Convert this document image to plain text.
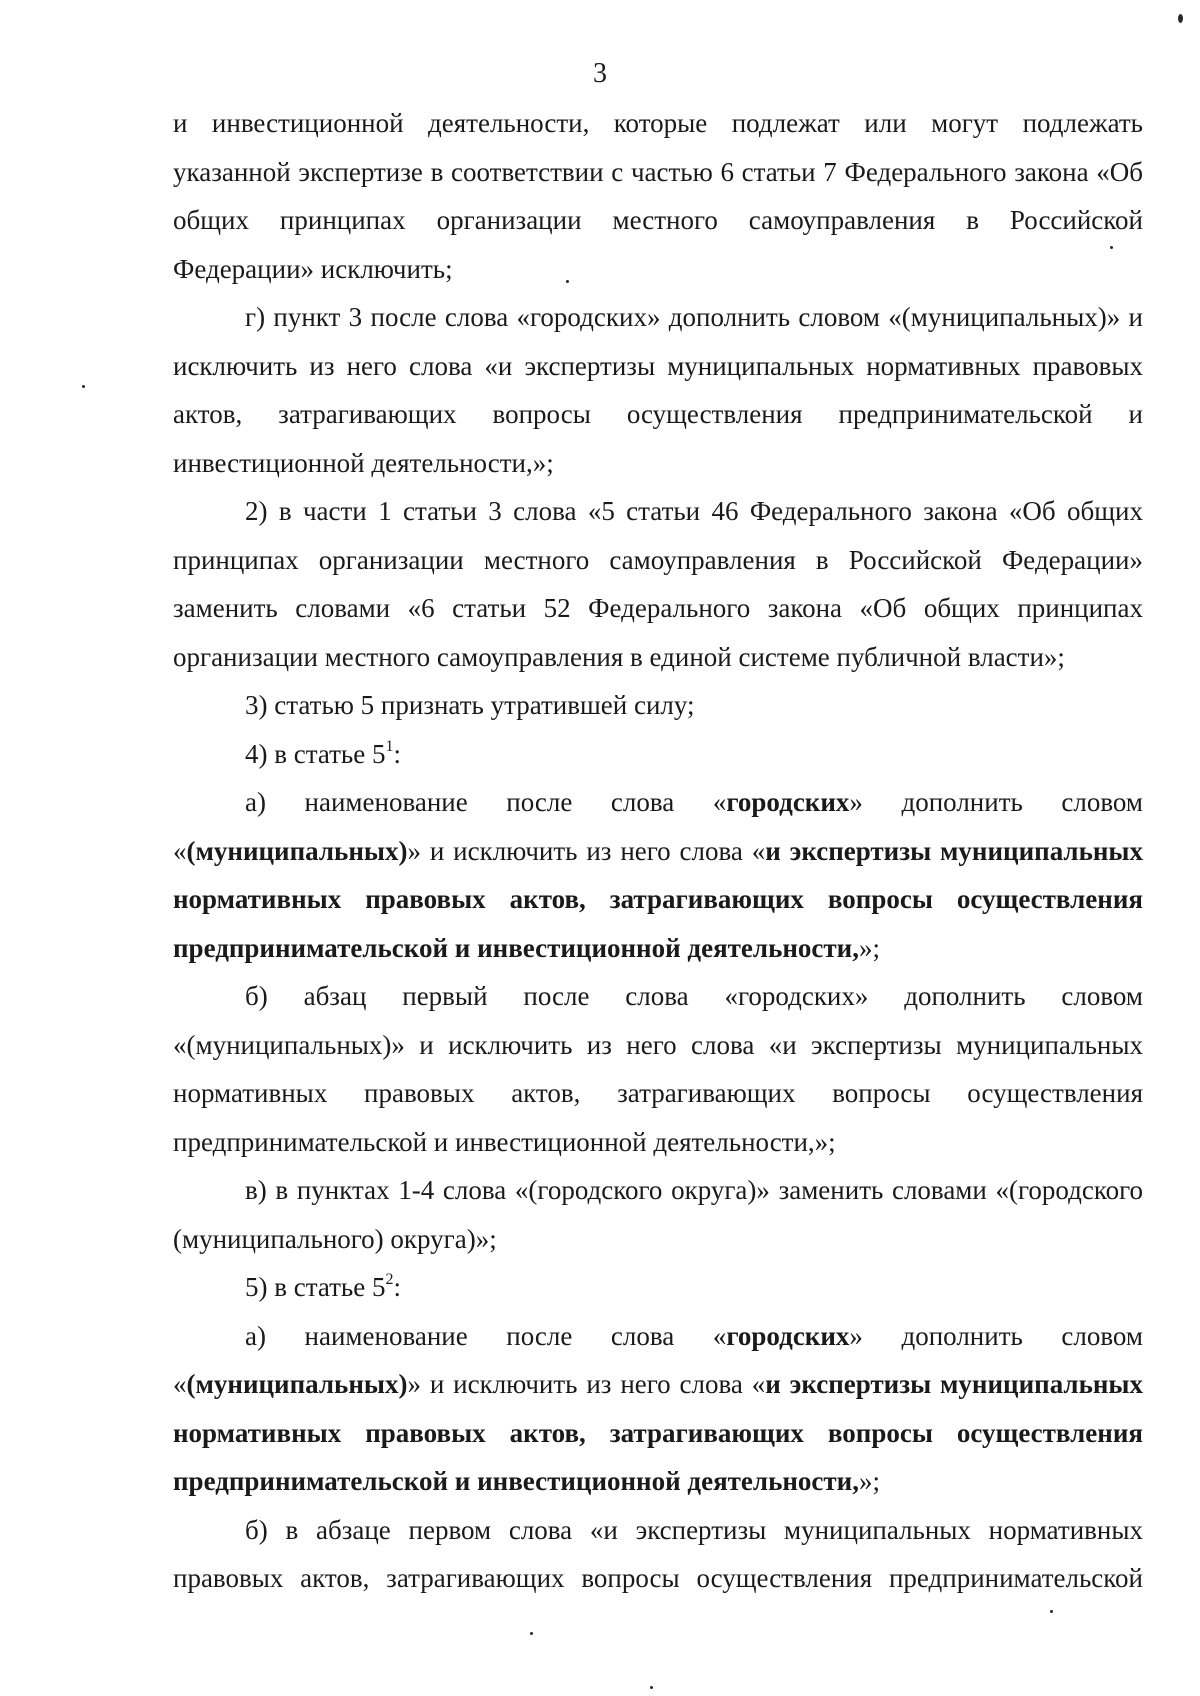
3

и инвестиционной деятельности, которые подлежат или могут подлежать указанной экспертизе в соответствии с частью 6 статьи 7 Федерального закона «Об общих принципах организации местного самоуправления в Российской Федерации» исключить;

г) пункт 3 после слова «городских» дополнить словом «(муниципальных)» и исключить из него слова «и экспертизы муниципальных нормативных правовых актов, затрагивающих вопросы осуществления предпринимательской и инвестиционной деятельности,»;

2) в части 1 статьи 3 слова «5 статьи 46 Федерального закона «Об общих принципах организации местного самоуправления в Российской Федерации» заменить словами «6 статьи 52 Федерального закона «Об общих принципах организации местного самоуправления в единой системе публичной власти»;

3) статью 5 признать утратившей силу;

4) в статье $5^1$:

а) наименование после слова «городских» дополнить словом «(муниципальных)» и исключить из него слова «и экспертизы муниципальных нормативных правовых актов, затрагивающих вопросы осуществления предпринимательской и инвестиционной деятельности,»;

б) абзац первый после слова «городских» дополнить словом «(муниципальных)» и исключить из него слова «и экспертизы муниципальных нормативных правовых актов, затрагивающих вопросы осуществления предпринимательской и инвестиционной деятельности,»;

в) в пунктах 1-4 слова «(городского округа)» заменить словами «(городского (муниципального) округа)»;

5) в статье $5^2$:

а) наименование после слова «городских» дополнить словом «(муниципальных)» и исключить из него слова «и экспертизы муниципальных нормативных правовых актов, затрагивающих вопросы осуществления предпринимательской и инвестиционной деятельности,»;

б) в абзаце первом слова «и экспертизы муниципальных нормативных правовых актов, затрагивающих вопросы осуществления предпринимательской
